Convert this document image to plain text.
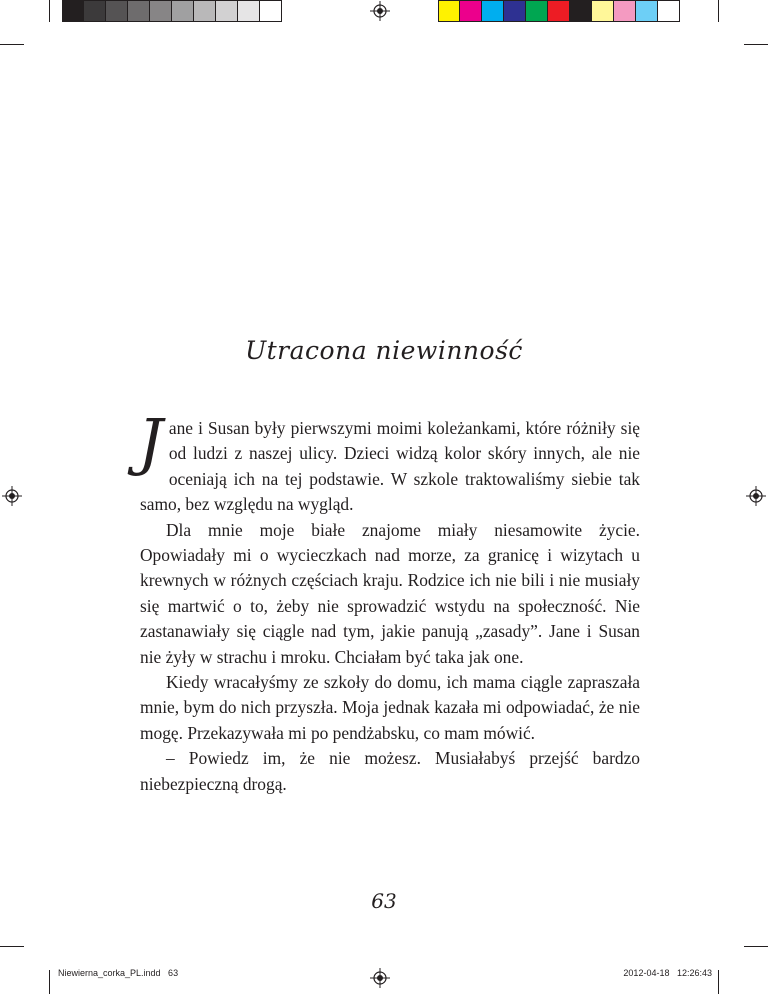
Utracona niewinność

Jane i Susan były pierwszymi moimi koleżankami, które różniły się od ludzi z naszej ulicy. Dzieci widzą kolor skóry innych, ale nie oceniają ich na tej podstawie. W szkole traktowaliśmy siebie tak samo, bez względu na wygląd.

Dla mnie moje białe znajome miały niesamowite życie. Opowiadały mi o wycieczkach nad morze, za granicę i wizytach u krewnych w różnych częściach kraju. Rodzice ich nie bili i nie musiały się martwić o to, żeby nie sprowadzić wstydu na społeczność. Nie zastanawiały się ciągle nad tym, jakie panują „zasady”. Jane i Susan nie żyły w strachu i mroku. Chciałam być taka jak one.

Kiedy wracałyśmy ze szkoły do domu, ich mama ciągle zapraszała mnie, bym do nich przyszła. Moja jednak kazała mi odpowiadać, że nie mogę. Przekazywała mi po pendżabsku, co mam mówić.

– Powiedz im, że nie możesz. Musiałabyś przejść bardzo niebezpieczną drogą.

63
Niewierna_corka_PL.indd   63	2012-04-18   12:26:43
